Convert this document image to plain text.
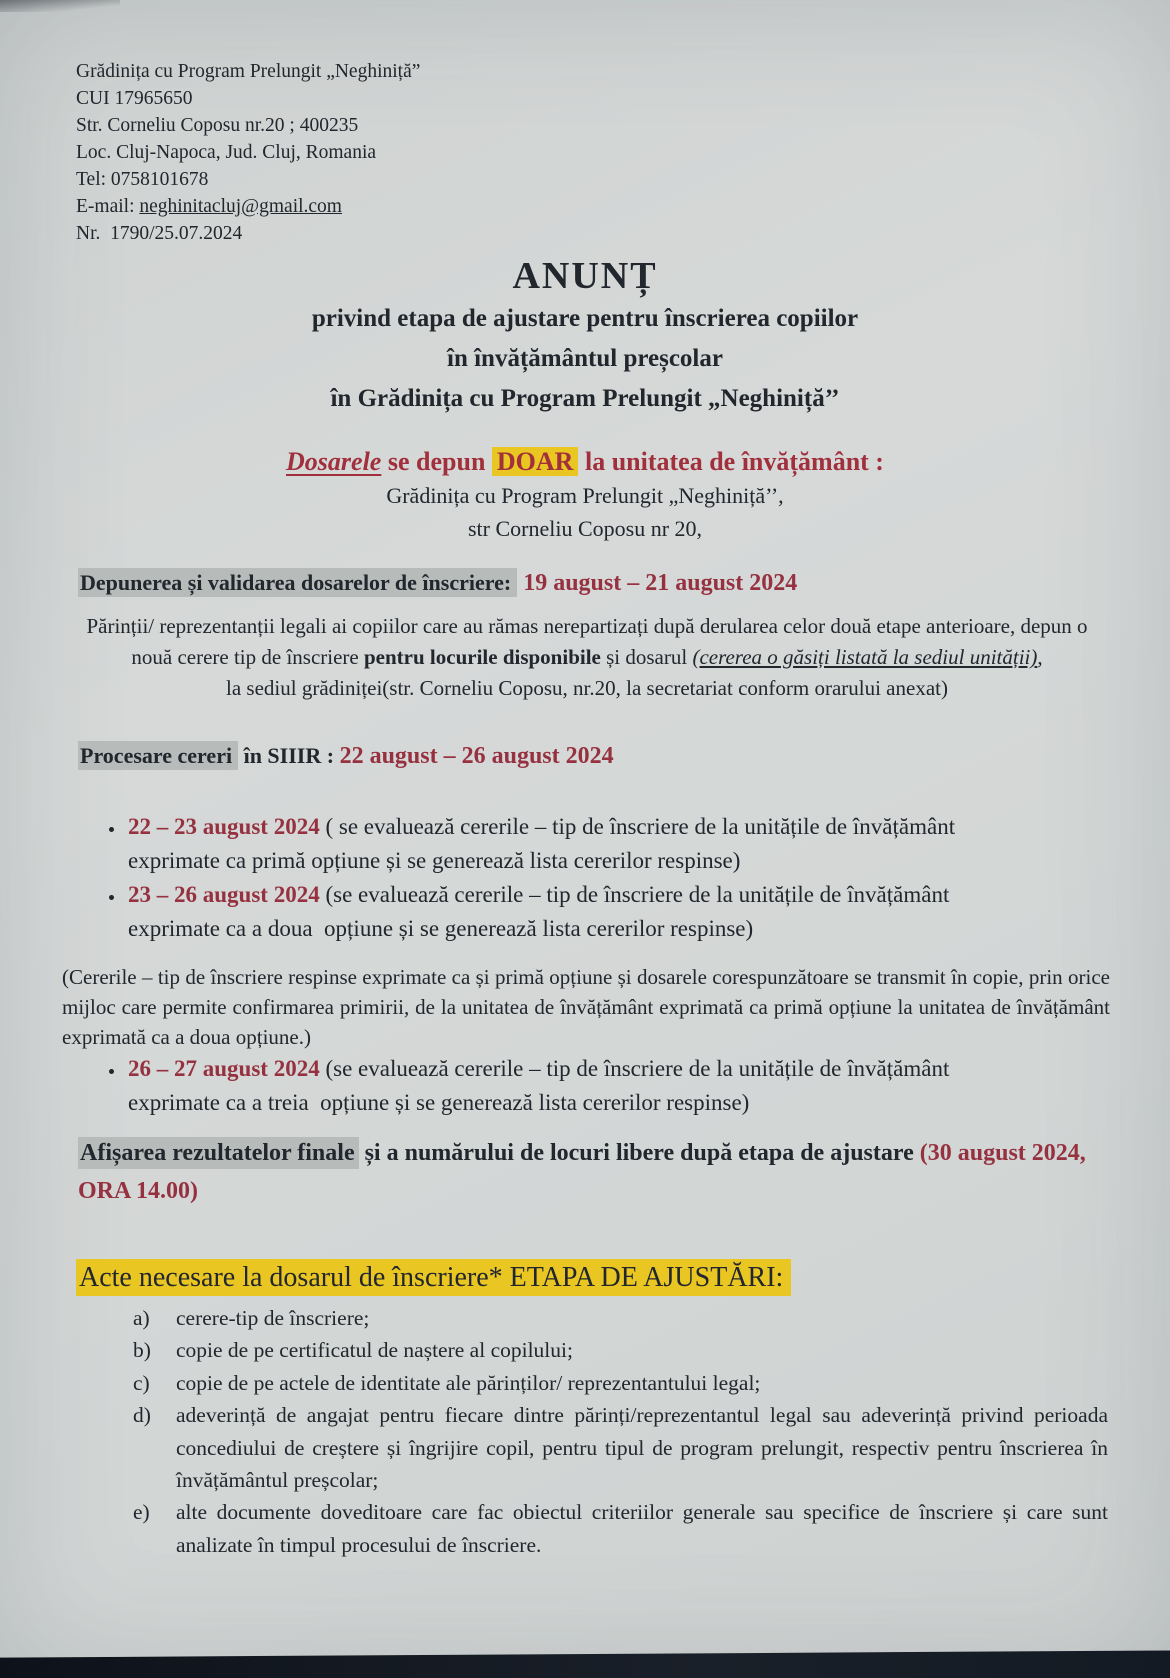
Grădinița cu Program Prelungit „Neghiniță”
CUI 17965650
Str. Corneliu Coposu nr.20 ; 400235
Loc. Cluj-Napoca, Jud. Cluj, Romania
Tel: 0758101678
E-mail: neghinitacluj@gmail.com
Nr.  1790/25.07.2024
ANUNȚ
privind etapa de ajustare pentru înscrierea copiilor
în învățământul preșcolar
în Grădinița cu Program Prelungit „Neghiniță’’
Dosarele se depun DOAR la unitatea de învățământ :
Grădinița cu Program Prelungit „Neghiniță’’,
str Corneliu Coposu nr 20,
Depunerea și validarea dosarelor de înscriere: 19 august – 21 august 2024

Părinții/ reprezentanții legali ai copiilor care au rămas nerepartizați după derularea celor două etape anterioare, depun o nouă cerere tip de înscriere pentru locurile disponibile și dosarul (cererea o găsiți listată la sediul unității),

la sediul grădiniței(str. Corneliu Coposu, nr.20, la secretariat conform orarului anexat)
Procesare cereri în SIIIR : 22 august – 26 august 2024
• 22 – 23 august 2024 ( se evaluează cererile – tip de înscriere de la unitățile de învățământ exprimate ca primă opțiune și se generează lista cererilor respinse)
• 23 – 26 august 2024 (se evaluează cererile – tip de înscriere de la unitățile de învățământ exprimate ca a doua  opțiune și se generează lista cererilor respinse)

(Cererile – tip de înscriere respinse exprimate ca și primă opțiune și dosarele corespunzătoare se transmit în copie, prin orice mijloc care permite confirmarea primirii, de la unitatea de învățământ exprimată ca primă opțiune la unitatea de învățământ exprimată ca a doua opțiune.)

• 26 – 27 august 2024 (se evaluează cererile – tip de înscriere de la unitățile de învățământ exprimate ca a treia  opțiune și se generează lista cererilor respinse)
Afișarea rezultatelor finale și a numărului de locuri libere după etapa de ajustare (30 august 2024, ORA 14.00)
Acte necesare la dosarul de înscriere* ETAPA DE AJUSTĂRI:
a)	cerere-tip de înscriere;
b)	copie de pe certificatul de naștere al copilului;
c)	copie de pe actele de identitate ale părinților/ reprezentantului legal;
d)	adeverință de angajat pentru fiecare dintre părinți/reprezentantul legal sau adeverință privind perioada concediului de creștere și îngrijire copil, pentru tipul de program prelungit, respectiv pentru înscrierea în învățământul preșcolar;
e)	alte documente doveditoare care fac obiectul criteriilor generale sau specifice de înscriere și care sunt analizate în timpul procesului de înscriere.
